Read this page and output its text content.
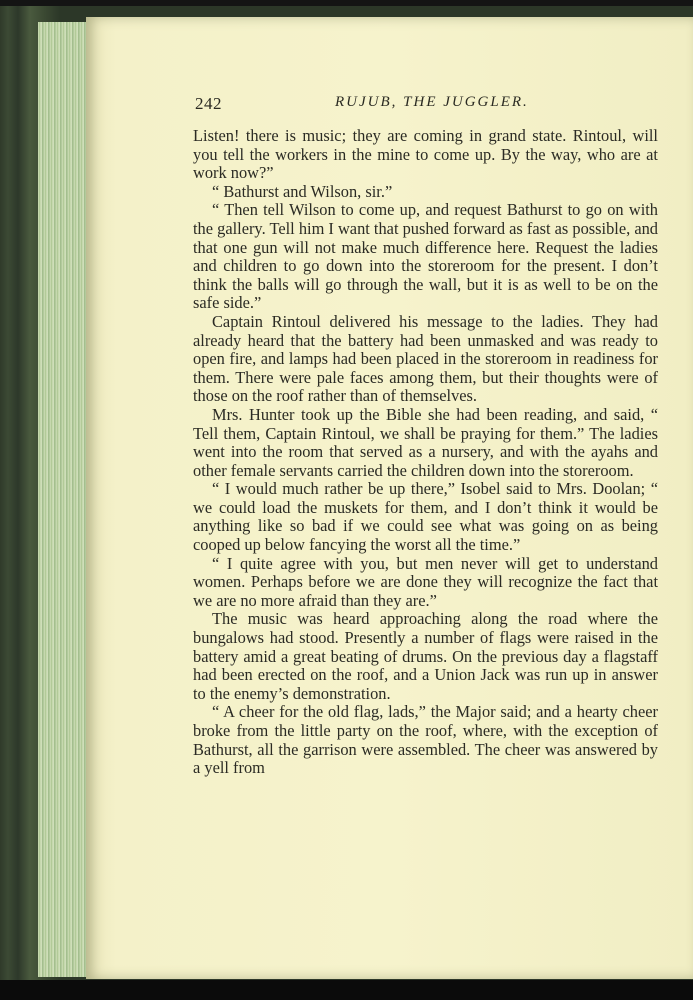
242	RUJUB, THE JUGGLER.

Listen! there is music; they are coming in grand state. Rintoul, will you tell the workers in the mine to come up. By the way, who are at work now?”

“ Bathurst and Wilson, sir.”

“ Then tell Wilson to come up, and request Bathurst to go on with the gallery. Tell him I want that pushed forward as fast as possible, and that one gun will not make much difference here. Request the ladies and children to go down into the storeroom for the present. I don’t think the balls will go through the wall, but it is as well to be on the safe side.”

Captain Rintoul delivered his message to the ladies. They had already heard that the battery had been unmasked and was ready to open fire, and lamps had been placed in the storeroom in readiness for them. There were pale faces among them, but their thoughts were of those on the roof rather than of themselves.

Mrs. Hunter took up the Bible she had been reading, and said, “ Tell them, Captain Rintoul, we shall be praying for them.” The ladies went into the room that served as a nursery, and with the ayahs and other female servants carried the children down into the storeroom.

“ I would much rather be up there,” Isobel said to Mrs. Doolan; “ we could load the muskets for them, and I don’t think it would be anything like so bad if we could see what was going on as being cooped up below fancying the worst all the time.”

“ I quite agree with you, but men never will get to understand women. Perhaps before we are done they will recognize the fact that we are no more afraid than they are.”

The music was heard approaching along the road where the bungalows had stood. Presently a number of flags were raised in the battery amid a great beating of drums. On the previous day a flagstaff had been erected on the roof, and a Union Jack was run up in answer to the enemy’s demonstration.

“ A cheer for the old flag, lads,” the Major said; and a hearty cheer broke from the little party on the roof, where, with the exception of Bathurst, all the garrison were assembled. The cheer was answered by a yell from
